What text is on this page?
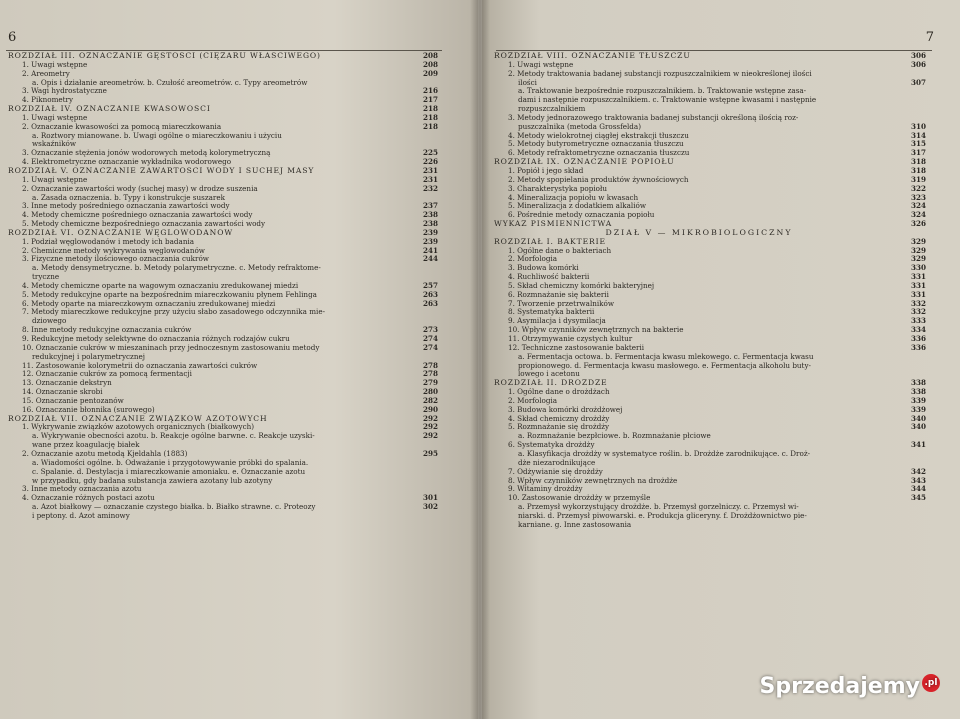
6
ROZDZIAŁ III. OZNACZANIE GĘSTOŚCI (CIĘŻARU WŁAŚCIWEGO)	208
1. Uwagi wstępne	208
2. Areometry	209
a. Opis i działanie areometrów. b. Czułość areometrów. c. Typy areometrów
3. Wagi hydrostatyczne	216
4. Piknometry	217
ROZDZIAŁ IV. OZNACZANIE KWASOWOŚCI	218
1. Uwagi wstępne	218
2. Oznaczanie kwasowości za pomocą miareczkowania	218
a. Roztwory mianowane. b. Uwagi ogólne o miareczkowaniu i użyciu
wskaźników
3. Oznaczanie stężenia jonów wodorowych metodą kolorymetryczną	225
4. Elektrometryczne oznaczanie wykładnika wodorowego	226
ROZDZIAŁ V. OZNACZANIE ZAWARTOŚCI WODY I SUCHEJ MASY	231
1. Uwagi wstępne	231
2. Oznaczanie zawartości wody (suchej masy) w drodze suszenia	232
a. Zasada oznaczenia. b. Typy i konstrukcje suszarek
3. Inne metody pośredniego oznaczania zawartości wody	237
4. Metody chemiczne pośredniego oznaczania zawartości wody	238
5. Metody chemiczne bezpośredniego oznaczania zawartości wody	238
ROZDZIAŁ VI. OZNACZANIE WĘGLOWODANÓW	239
1. Podział węglowodanów i metody ich badania	239
2. Chemiczne metody wykrywania węglowodanów	241
3. Fizyczne metody ilościowego oznaczania cukrów	244
a. Metody densymetryczne. b. Metody polarymetryczne. c. Metody refraktome-
tryczne
4. Metody chemiczne oparte na wagowym oznaczaniu zredukowanej miedzi	257
5. Metody redukcyjne oparte na bezpośrednim miareczkowaniu płynem Fehlinga	263
6. Metody oparte na miareczkowym oznaczaniu zredukowanej miedzi	263
7. Metody miareczkowe redukcyjne przy użyciu słabo zasadowego odczynnika mie-
dziowego
8. Inne metody redukcyjne oznaczania cukrów	273
9. Redukcyjne metody selektywne do oznaczania różnych rodzajów cukru	274
10. Oznaczanie cukrów w mieszaninach przy jednoczesnym zastosowaniu metody	274
redukcyjnej i polarymetrycznej
11. Zastosowanie kolorymetrii do oznaczania zawartości cukrów	278
12. Oznaczanie cukrów za pomocą fermentacji	278
13. Oznaczanie dekstryn	279
14. Oznaczanie skrobi	280
15. Oznaczanie pentozanów	282
16. Oznaczanie błonnika (surowego)	290
ROZDZIAŁ VII. OZNACZANIE ZWIĄZKÓW AZOTOWYCH	292
1. Wykrywanie związków azotowych organicznych (białkowych)	292
a. Wykrywanie obecności azotu. b. Reakcje ogólne barwne. c. Reakcje uzyski-	292
wane przez koagulację białek
2. Oznaczanie azotu metodą Kjeldahla (1883)	295
a. Wiadomości ogólne. b. Odważanie i przygotowywanie próbki do spalania.
c. Spalanie. d. Destylacja i miareczkowanie amoniaku. e. Oznaczanie azotu
w przypadku, gdy badana substancja zawiera azotany lub azotyny
3. Inne metody oznaczania azotu
4. Oznaczanie różnych postaci azotu	301
a. Azot białkowy — oznaczanie czystego białka. b. Białko strawne. c. Proteozy	302
i peptony. d. Azot aminowy
7
ROZDZIAŁ VIII. OZNACZANIE TŁUSZCZU	306
1. Uwagi wstępne	306
2. Metody traktowania badanej substancji rozpuszczalnikiem w nieokreślonej ilości
ilości	307
a. Traktowanie bezpośrednie rozpuszczalnikiem. b. Traktowanie wstępne zasa-
dami i następnie rozpuszczalnikiem. c. Traktowanie wstępne kwasami i następnie
rozpuszczalnikiem
3. Metody jednorazowego traktowania badanej substancji określoną ilością roz-
puszczalnika (metoda Grossfelda)	310
4. Metody wielokrotnej ciągłej ekstrakcji tłuszczu	314
5. Metody butyrometryczne oznaczania tłuszczu	315
6. Metody refraktometryczne oznaczania tłuszczu	317
ROZDZIAŁ IX. OZNACZANIE POPIOŁU	318
1. Popiół i jego skład	318
2. Metody spopielania produktów żywnościowych	319
3. Charakterystyka popiołu	322
4. Mineralizacja popiołu w kwasach	323
5. Mineralizacja z dodatkiem alkaliów	324
6. Pośrednie metody oznaczania popiołu	324
WYKAZ PIŚMIENNICTWA	326
DZIAŁ V — MIKROBIOLOGICZNY
ROZDZIAŁ I. BAKTERIE	329
1. Ogólne dane o bakteriach	329
2. Morfologia	329
3. Budowa komórki	330
4. Ruchliwość bakterii	331
5. Skład chemiczny komórki bakteryjnej	331
6. Rozmnażanie się bakterii	331
7. Tworzenie przetrwalników	332
8. Systematyka bakterii	332
9. Asymilacja i dysymilacja	333
10. Wpływ czynników zewnętrznych na bakterie	334
11. Otrzymywanie czystych kultur	336
12. Techniczne zastosowanie bakterii	336
a. Fermentacja octowa. b. Fermentacja kwasu mlekowego. c. Fermentacja kwasu
propionowego. d. Fermentacja kwasu masłowego. e. Fermentacja alkoholu buty-
lowego i acetonu
ROZDZIAŁ II. DROŻDŻE	338
1. Ogólne dane o drożdżach	338
2. Morfologia	339
3. Budowa komórki drożdżowej	339
4. Skład chemiczny drożdży	340
5. Rozmnażanie się drożdży	340
a. Rozmnażanie bezpłciowe. b. Rozmnażanie płciowe
6. Systematyka drożdży	341
a. Klasyfikacja drożdży w systematyce roślin. b. Drożdże zarodnikujące. c. Droż-
dże niezarodnikujące
7. Odżywianie się drożdży	342
8. Wpływ czynników zewnętrznych na drożdże	343
9. Witaminy drożdży	344
10. Zastosowanie drożdży w przemyśle	345
a. Przemysł wykorzystujący drożdże. b. Przemysł gorzelniczy. c. Przemysł wi-
niarski. d. Przemysł piwowarski. e. Produkcja gliceryny. f. Drożdżownictwo pie-
karniane. g. Inne zastosowania
Sprzedajemy .pl
